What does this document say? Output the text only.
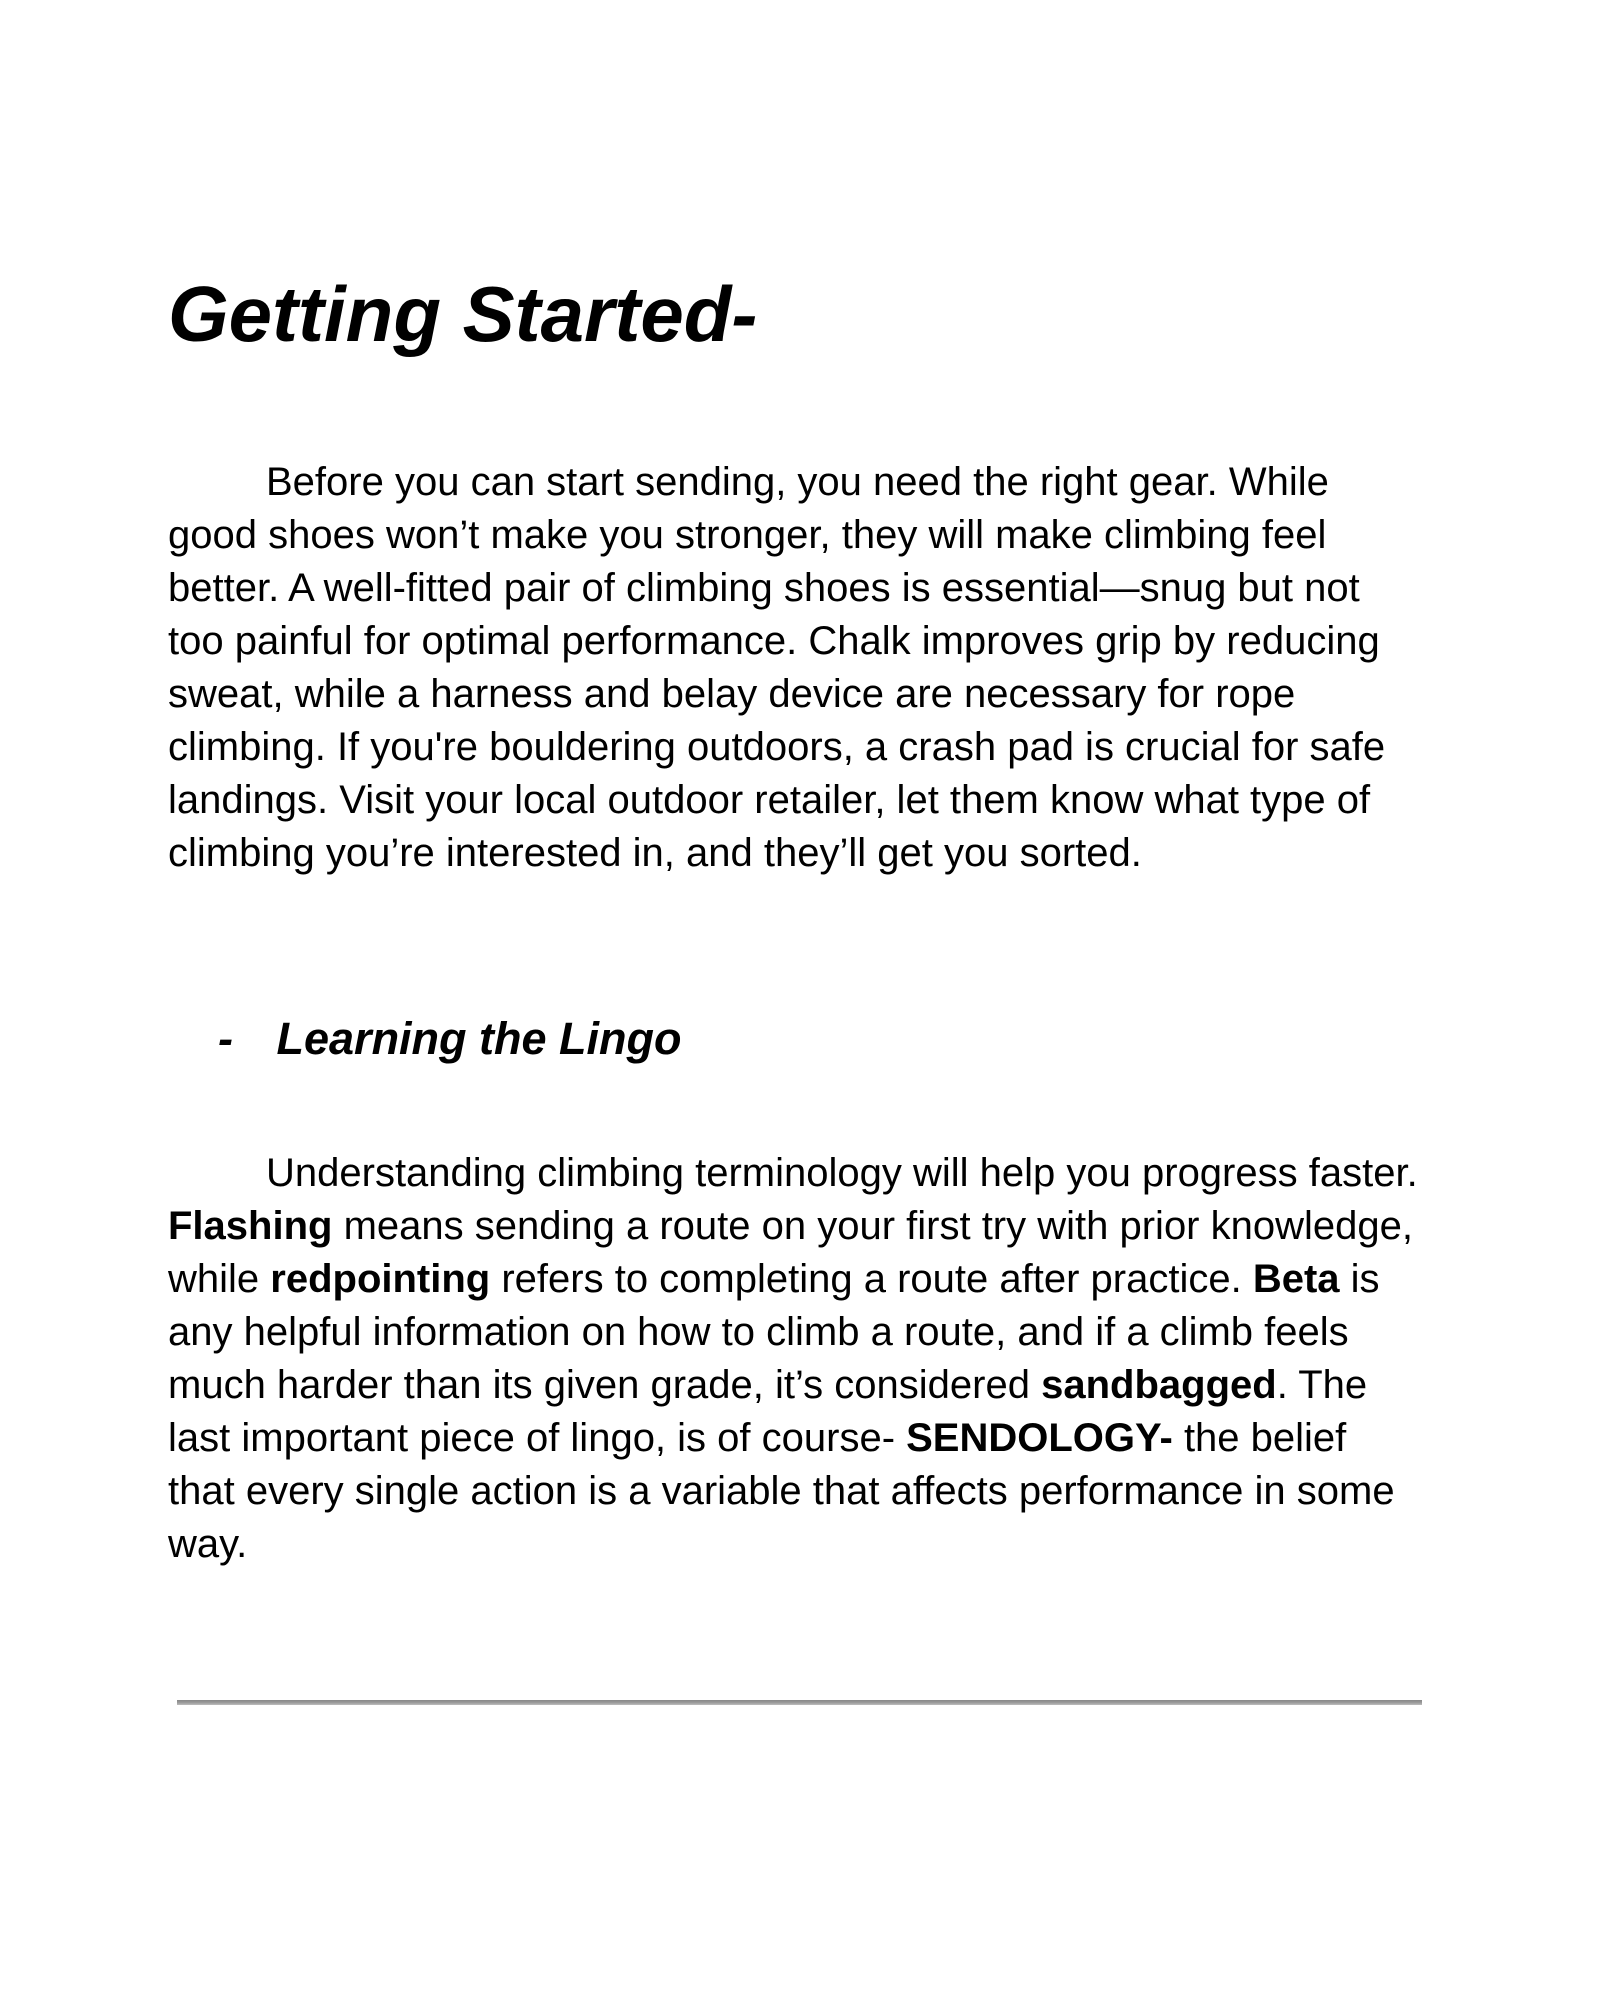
Getting Started-
Before you can start sending, you need the right gear. While
good shoes won’t make you stronger, they will make climbing feel
better. A well-fitted pair of climbing shoes is essential—snug but not
too painful for optimal performance. Chalk improves grip by reducing
sweat, while a harness and belay device are necessary for rope
climbing. If you're bouldering outdoors, a crash pad is crucial for safe
landings. Visit your local outdoor retailer, let them know what type of
climbing you’re interested in, and they’ll get you sorted.
- Learning the Lingo
Understanding climbing terminology will help you progress faster.
Flashing means sending a route on your first try with prior knowledge,
while redpointing refers to completing a route after practice. Beta is
any helpful information on how to climb a route, and if a climb feels
much harder than its given grade, it’s considered sandbagged. The
last important piece of lingo, is of course- SENDOLOGY- the belief
that every single action is a variable that affects performance in some
way.
